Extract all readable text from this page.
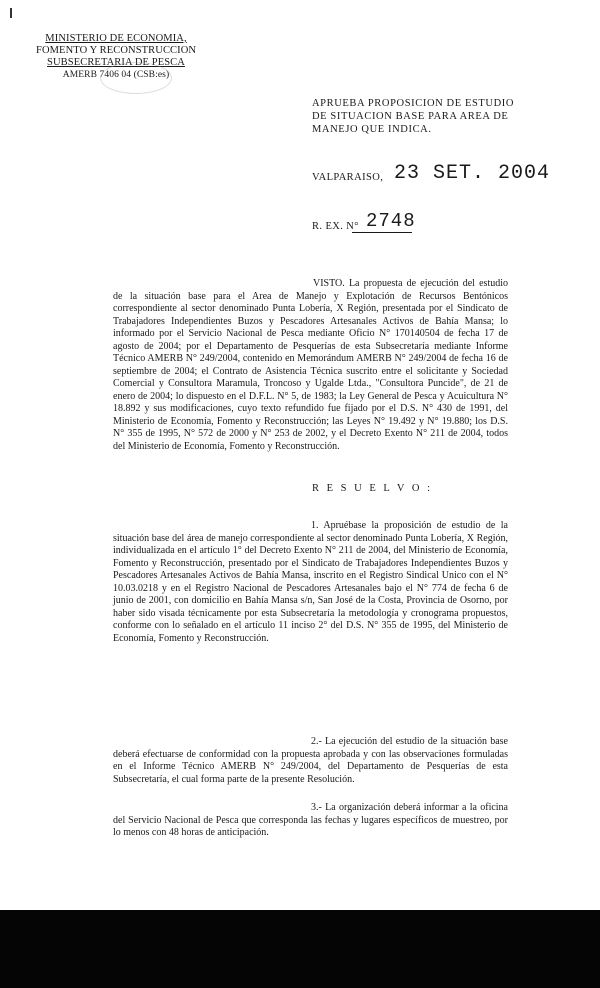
MINISTERIO DE ECONOMIA,
FOMENTO Y RECONSTRUCCION
SUBSECRETARIA DE PESCA
AMERB 7406 04 (CSB:es)
APRUEBA PROPOSICION DE ESTUDIO
DE SITUACION BASE PARA AREA DE
MANEJO QUE INDICA.
VALPARAISO, 23 SET. 2004
R. EX. N° 2748
VISTO. La propuesta de ejecución del estudio de la situación base para el Area de Manejo y Explotación de Recursos Bentónicos correspondiente al sector denominado Punta Lobería, X Región, presentada por el Sindicato de Trabajadores Independientes Buzos y Pescadores Artesanales Activos de Bahía Mansa; lo informado por el Servicio Nacional de Pesca mediante Oficio N° 170140504 de fecha 17 de agosto de 2004; por el Departamento de Pesquerías de esta Subsecretaría mediante Informe Técnico AMERB N° 249/2004, contenido en Memorándum AMERB N° 249/2004 de fecha 16 de septiembre de 2004; el Contrato de Asistencia Técnica suscrito entre el solicitante y Sociedad Comercial y Consultora Maramula, Troncoso y Ugalde Ltda., "Consultora Puncide", de 21 de enero de 2004; lo dispuesto en el D.F.L. N° 5, de 1983; la Ley General de Pesca y Acuicultura N° 18.892 y sus modificaciones, cuyo texto refundido fue fijado por el D.S. N° 430 de 1991, del Ministerio de Economía, Fomento y Reconstrucción; las Leyes N° 19.492 y N° 19.880; los D.S. N° 355 de 1995, N° 572 de 2000 y N° 253 de 2002, y el Decreto Exento N° 211 de 2004, todos del Ministerio de Economía, Fomento y Reconstrucción.
R E S U E L V O :
1. Apruébase la proposición de estudio de la situación base del área de manejo correspondiente al sector denominado Punta Lobería, X Región, individualizada en el artículo 1° del Decreto Exento N° 211 de 2004, del Ministerio de Economía, Fomento y Reconstrucción, presentado por el Sindicato de Trabajadores Independientes Buzos y Pescadores Artesanales Activos de Bahía Mansa, inscrito en el Registro Sindical Unico con el N° 10.03.0218 y en el Registro Nacional de Pescadores Artesanales bajo el N° 774 de fecha 6 de junio de 2001, con domicilio en Bahía Mansa s/n, San José de la Costa, Provincia de Osorno, por haber sido visada técnicamente por esta Subsecretaría la metodología y cronograma propuestos, conforme con lo señalado en el artículo 11 inciso 2° del D.S. N° 355 de 1995, del Ministerio de Economía, Fomento y Reconstrucción.
2.- La ejecución del estudio de la situación base deberá efectuarse de conformidad con la propuesta aprobada y con las observaciones formuladas en el Informe Técnico AMERB N° 249/2004, del Departamento de Pesquerías de esta Subsecretaría, el cual forma parte de la presente Resolución.
3.- La organización deberá informar a la oficina del Servicio Nacional de Pesca que corresponda las fechas y lugares específicos de muestreo, por lo menos con 48 horas de anticipación.
